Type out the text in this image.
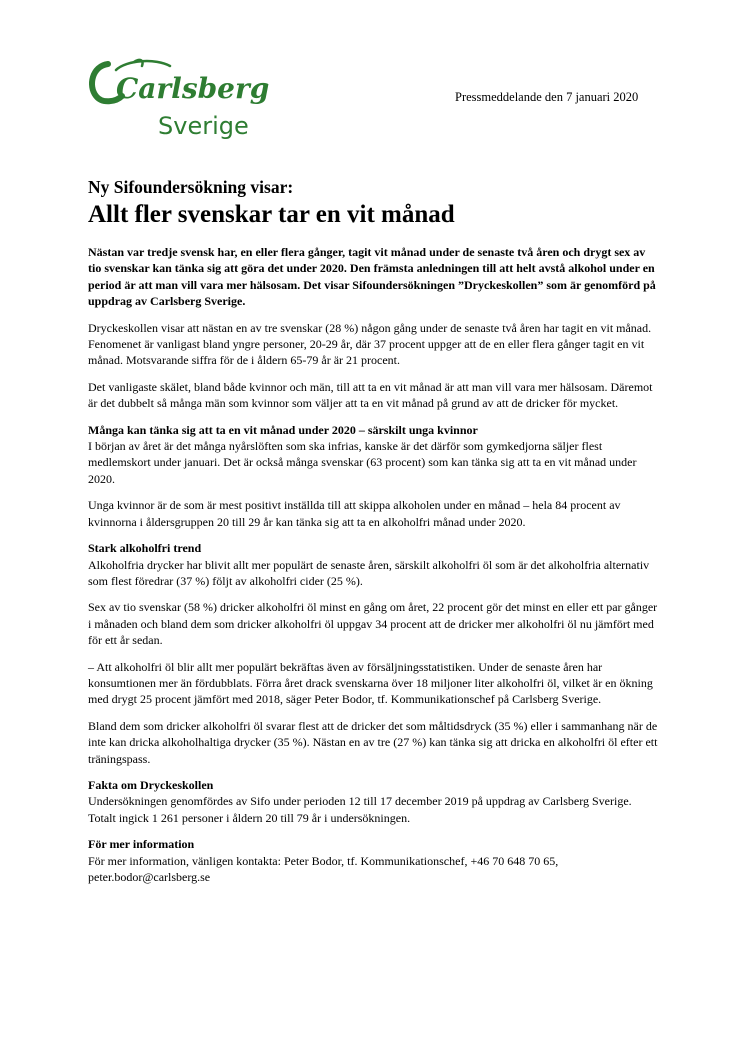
Carlsberg
Sverige
Pressmeddelande den 7 januari 2020
Ny Sifoundersökning visar:
Allt fler svenskar tar en vit månad

Nästan var tredje svensk har, en eller flera gånger, tagit vit månad under de senaste två åren och drygt sex av tio svenskar kan tänka sig att göra det under 2020. Den främsta anledningen till att helt avstå alkohol under en period är att man vill vara mer hälsosam. Det visar Sifoundersökningen ”Dryckeskollen” som är genomförd på uppdrag av Carlsberg Sverige.

Dryckeskollen visar att nästan en av tre svenskar (28 %) någon gång under de senaste två åren har tagit en vit månad. Fenomenet är vanligast bland yngre personer, 20-29 år, där 37 procent uppger att de en eller flera gånger tagit en vit månad. Motsvarande siffra för de i åldern 65-79 år är 21 procent.

Det vanligaste skälet, bland både kvinnor och män, till att ta en vit månad är att man vill vara mer hälsosam. Däremot är det dubbelt så många män som kvinnor som väljer att ta en vit månad på grund av att de dricker för mycket.

Många kan tänka sig att ta en vit månad under 2020 – särskilt unga kvinnor

I början av året är det många nyårslöften som ska infrias, kanske är det därför som gymkedjorna säljer flest medlemskort under januari. Det är också många svenskar (63 procent) som kan tänka sig att ta en vit månad under 2020.

Unga kvinnor är de som är mest positivt inställda till att skippa alkoholen under en månad – hela 84 procent av kvinnorna i åldersgruppen 20 till 29 år kan tänka sig att ta en alkoholfri månad under 2020.

Stark alkoholfri trend

Alkoholfria drycker har blivit allt mer populärt de senaste åren, särskilt alkoholfri öl som är det alkoholfria alternativ som flest föredrar (37 %) följt av alkoholfri cider (25 %).

Sex av tio svenskar (58 %) dricker alkoholfri öl minst en gång om året, 22 procent gör det minst en eller ett par gånger i månaden och bland dem som dricker alkoholfri öl uppgav 34 procent att de dricker mer alkoholfri öl nu jämfört med för ett år sedan.

– Att alkoholfri öl blir allt mer populärt bekräftas även av försäljningsstatistiken. Under de senaste åren har konsumtionen mer än fördubblats. Förra året drack svenskarna över 18 miljoner liter alkoholfri öl, vilket är en ökning med drygt 25 procent jämfört med 2018, säger Peter Bodor, tf. Kommunikationschef på Carlsberg Sverige.

Bland dem som dricker alkoholfri öl svarar flest att de dricker det som måltidsdryck (35 %) eller i sammanhang när de inte kan dricka alkoholhaltiga drycker (35 %). Nästan en av tre (27 %) kan tänka sig att dricka en alkoholfri öl efter ett träningspass.

Fakta om Dryckeskollen

Undersökningen genomfördes av Sifo under perioden 12 till 17 december 2019 på uppdrag av Carlsberg Sverige. Totalt ingick 1 261 personer i åldern 20 till 79 år i undersökningen.

För mer information

För mer information, vänligen kontakta: Peter Bodor, tf. Kommunikationschef, +46 70 648 70 65, peter.bodor@carlsberg.se
